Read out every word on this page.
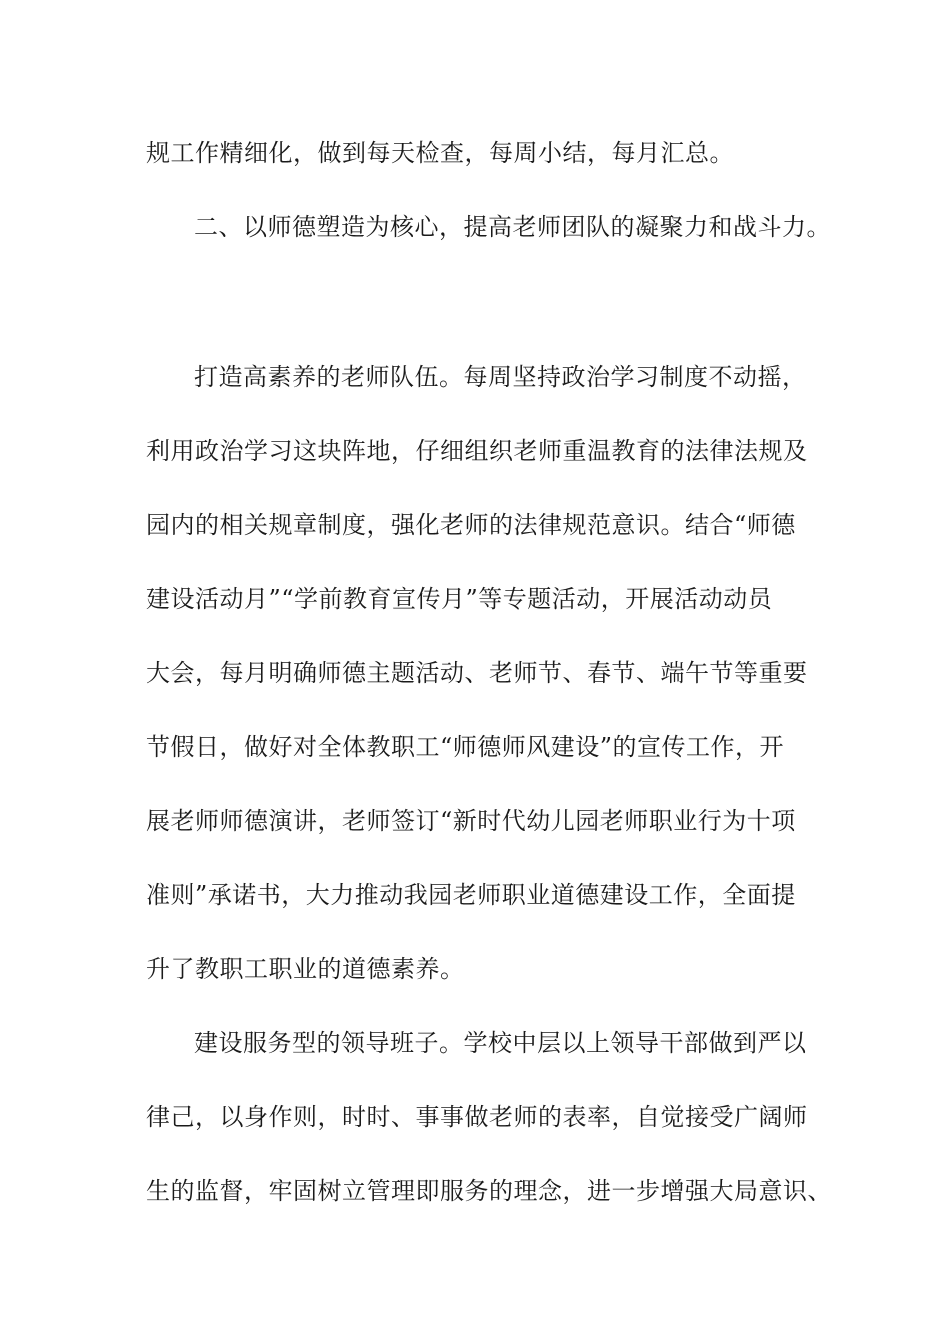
规工作精细化，做到每天检查，每周小结，每月汇总。
二、以师德塑造为核心，提高老师团队的凝聚力和战斗力。
打造高素养的老师队伍。每周坚持政治学习制度不动摇，
利用政治学习这块阵地，仔细组织老师重温教育的法律法规及
园内的相关规章制度，强化老师的法律规范意识。结合“师德
建设活动月”“学前教育宣传月”等专题活动，开展活动动员
大会，每月明确师德主题活动、老师节、春节、端午节等重要
节假日，做好对全体教职工“师德师风建设”的宣传工作，开
展老师师德演讲，老师签订“新时代幼儿园老师职业行为十项
准则”承诺书，大力推动我园老师职业道德建设工作，全面提
升了教职工职业的道德素养。
建设服务型的领导班子。学校中层以上领导干部做到严以
律己，以身作则，时时、事事做老师的表率，自觉接受广阔师
生的监督，牢固树立管理即服务的理念，进一步增强大局意识、
